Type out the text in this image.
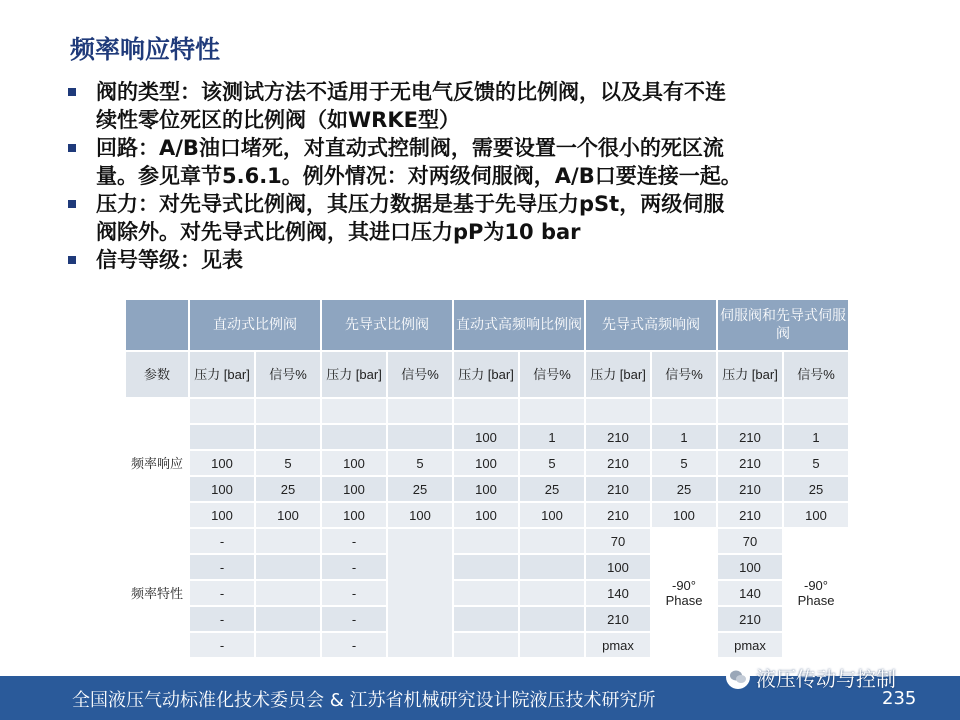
频率响应特性
阀的类型：该测试方法不适用于无电气反馈的比例阀，以及具有不连
续性零位死区的比例阀（如WRKE型）
回路：A/B油口堵死，对直动式控制阀，需要设置一个很小的死区流
量。参见章节5.6.1。例外情况：对两级伺服阀，A/B口要连接一起。
压力：对先导式比例阀，其压力数据是基于先导压力pSt，两级伺服
阀除外。对先导式比例阀，其进口压力pP为10 bar
信号等级：见表
	直动式比例阀		先导式比例阀		直动式高频响比例阀		先导式高频响阀		伺服阀和先导式伺服阀	
参数	压力 [bar]	信号%	压力 [bar]	信号%	压力 [bar]	信号%	压力 [bar]	信号%	压力 [bar]	信号%
频率响应										
					100	1	210	1	210	1
	100	5	100	5	100	5	210	5	210	5
	100	25	100	25	100	25	210	25	210	25
	100	100	100	100	100	100	210	100	210	100
频率特性	-		-				70	-90° Phase	70	-90° Phase
	-		-				100		100	
	-		-				140		140	
	-		-				210		210	
	-		-				pmax		pmax	
全国液压气动标准化技术委员会 & 江苏省机械研究设计院液压技术研究所	235
液压传动与控制
